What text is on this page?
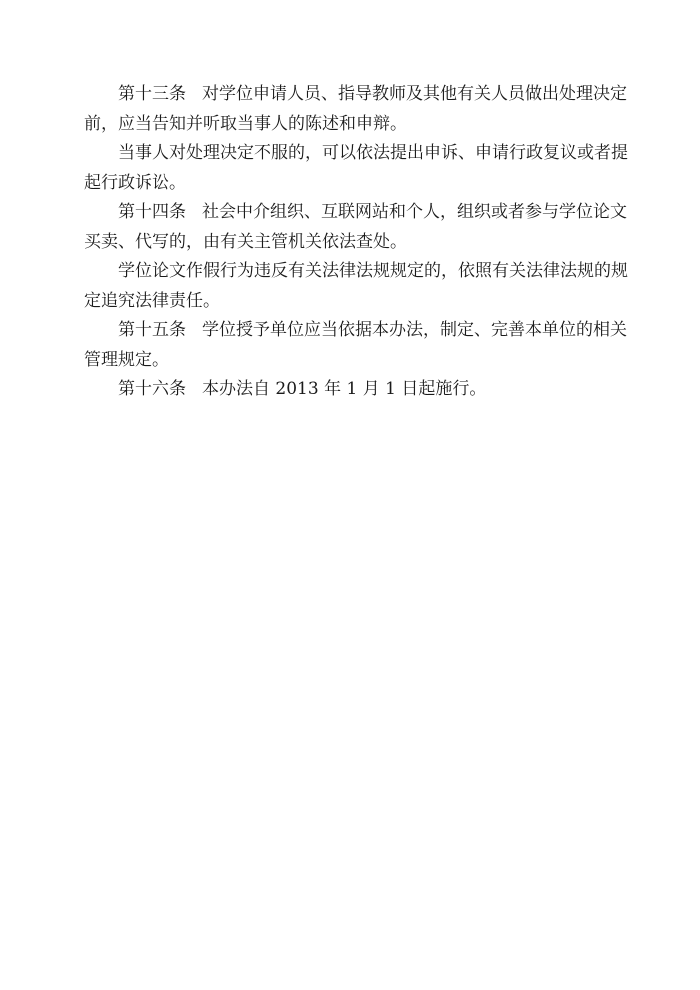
第十三条 对学位申请人员、指导教师及其他有关人员做出处理决定
前，应当告知并听取当事人的陈述和申辩。

当事人对处理决定不服的，可以依法提出申诉、申请行政复议或者提
起行政诉讼。

第十四条 社会中介组织、互联网站和个人，组织或者参与学位论文
买卖、代写的，由有关主管机关依法查处。

学位论文作假行为违反有关法律法规规定的，依照有关法律法规的规
定追究法律责任。

第十五条 学位授予单位应当依据本办法，制定、完善本单位的相关
管理规定。

第十六条 本办法自 2013 年 1 月 1 日起施行。
